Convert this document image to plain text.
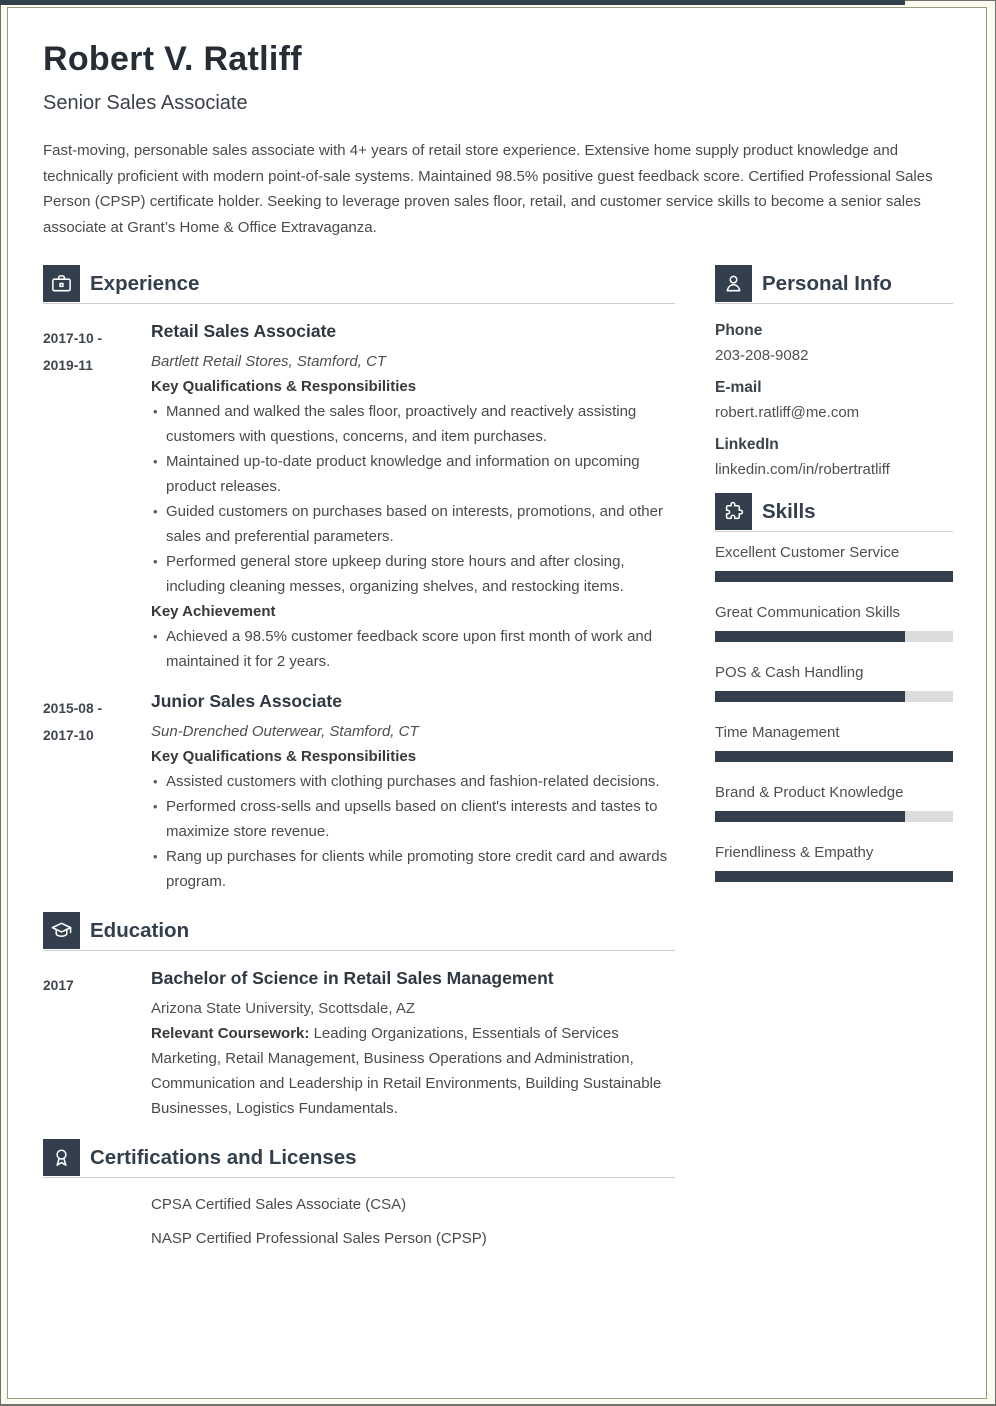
Robert V. Ratliff
Senior Sales Associate
Fast-moving, personable sales associate with 4+ years of retail store experience. Extensive home supply product knowledge and technically proficient with modern point-of-sale systems. Maintained 98.5% positive guest feedback score. Certified Professional Sales Person (CPSP) certificate holder. Seeking to leverage proven sales floor, retail, and customer service skills to become a senior sales associate at Grant’s Home & Office Extravaganza.
Experience
2017-10 -
2019-11
Retail Sales Associate
Bartlett Retail Stores, Stamford, CT
Key Qualifications & Responsibilities
• Manned and walked the sales floor, proactively and reactively assisting customers with questions, concerns, and item purchases.
• Maintained up-to-date product knowledge and information on upcoming product releases.
• Guided customers on purchases based on interests, promotions, and other sales and preferential parameters.
• Performed general store upkeep during store hours and after closing, including cleaning messes, organizing shelves, and restocking items.
Key Achievement
• Achieved a 98.5% customer feedback score upon first month of work and maintained it for 2 years.
2015-08 -
2017-10
Junior Sales Associate
Sun-Drenched Outerwear, Stamford, CT
Key Qualifications & Responsibilities
• Assisted customers with clothing purchases and fashion-related decisions.
• Performed cross-sells and upsells based on client's interests and tastes to maximize store revenue.
• Rang up purchases for clients while promoting store credit card and awards program.
Education
2017	Bachelor of Science in Retail Sales Management
Arizona State University, Scottsdale, AZ

Relevant Coursework: Leading Organizations, Essentials of Services Marketing, Retail Management, Business Operations and Administration, Communication and Leadership in Retail Environments, Building Sustainable Businesses, Logistics Fundamentals.

Certifications and Licenses
CPSA Certified Sales Associate (CSA)
NASP Certified Professional Sales Person (CPSP)
Personal Info
Phone
203-208-9082
E-mail
robert.ratliff@me.com
LinkedIn
linkedin.com/in/robertratliff
Skills
Excellent Customer Service
Great Communication Skills
POS & Cash Handling
Time Management
Brand & Product Knowledge
Friendliness & Empathy
